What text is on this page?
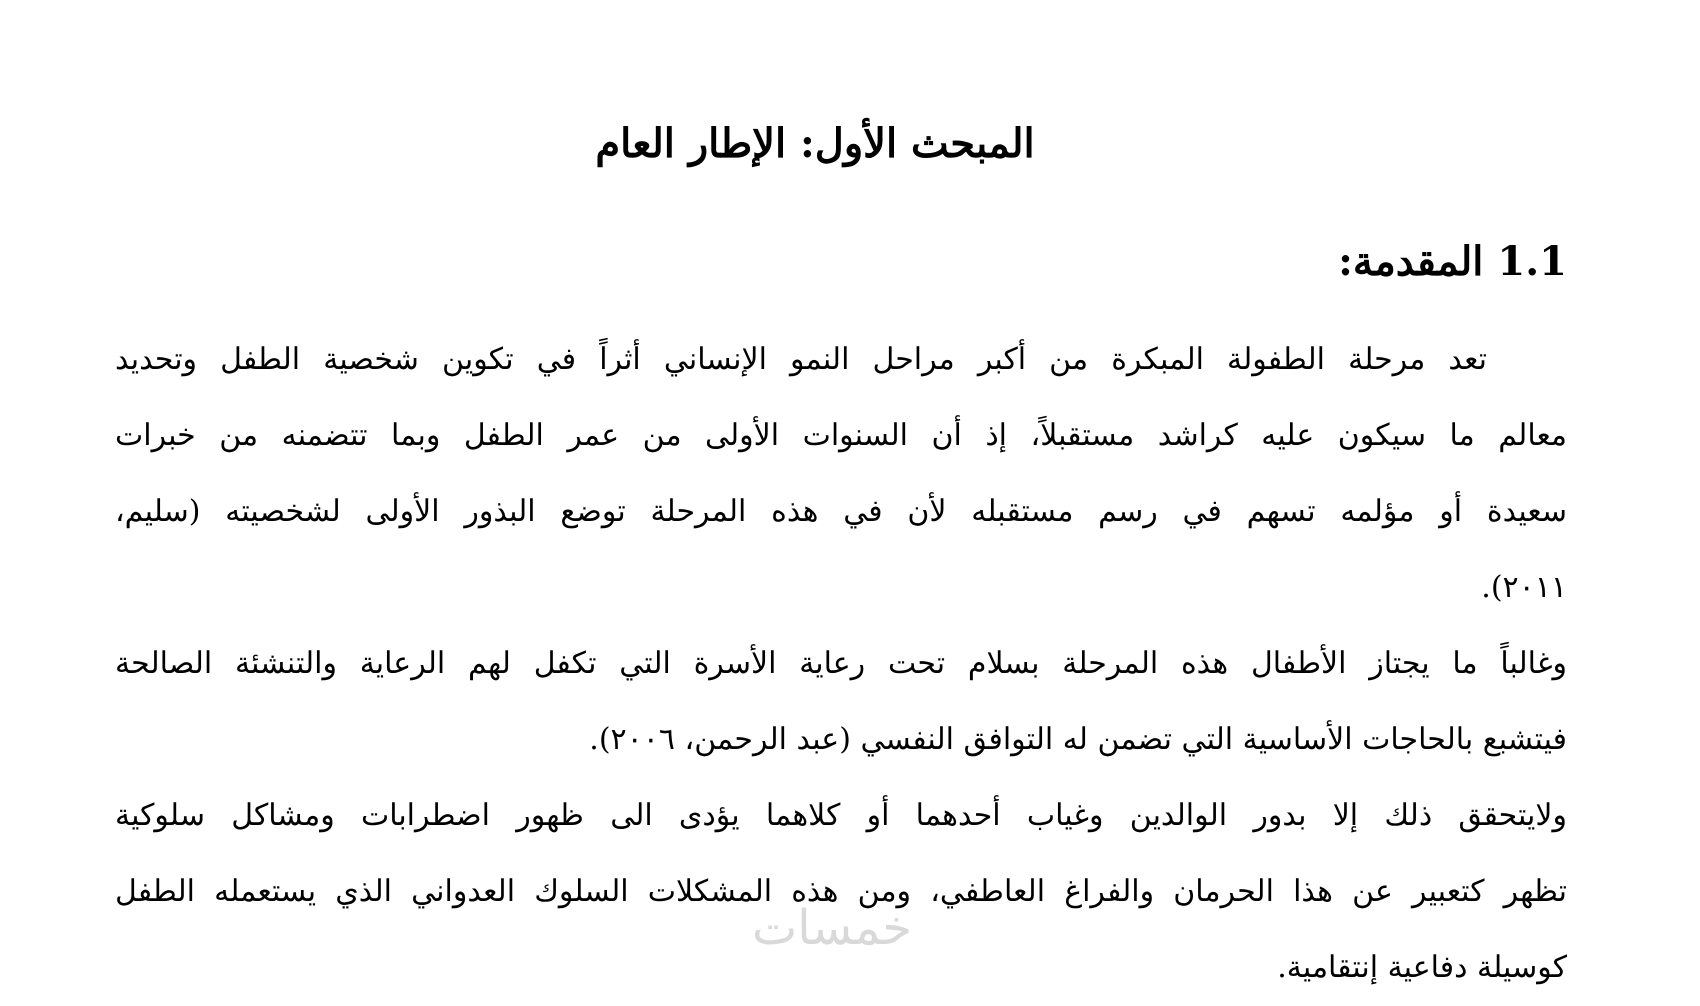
المبحث الأول: الإطار العام
1.1المقدمة:
تعد مرحلة الطفولة المبكرة من أكبر مراحل النمو الإنساني أثراً في تكوين شخصية الطفل وتحديد
معالم ما سيكون عليه كراشد مستقبلاً، إذ أن السنوات الأولى من عمر الطفل وبما تتضمنه من خبرات
سعيدة أو مؤلمه تسهم في رسم مستقبله لأن في هذه المرحلة توضع البذور الأولى لشخصيته (سليم،
٢٠١١).
وغالباً ما يجتاز الأطفال هذه المرحلة بسلام تحت رعاية الأسرة التي تكفل لهم الرعاية والتنشئة الصالحة
فيتشبع بالحاجات الأساسية التي تضمن له التوافق النفسي (عبد الرحمن، ٢٠٠٦).
ولايتحقق ذلك إلا بدور الوالدين وغياب أحدهما أو كلاهما يؤدى الى ظهور اضطرابات ومشاكل سلوكية
تظهر كتعبير عن هذا الحرمان والفراغ العاطفي، ومن هذه المشكلات السلوك العدواني الذي يستعمله الطفل
كوسيلة دفاعية إنتقامية.
خمسات
